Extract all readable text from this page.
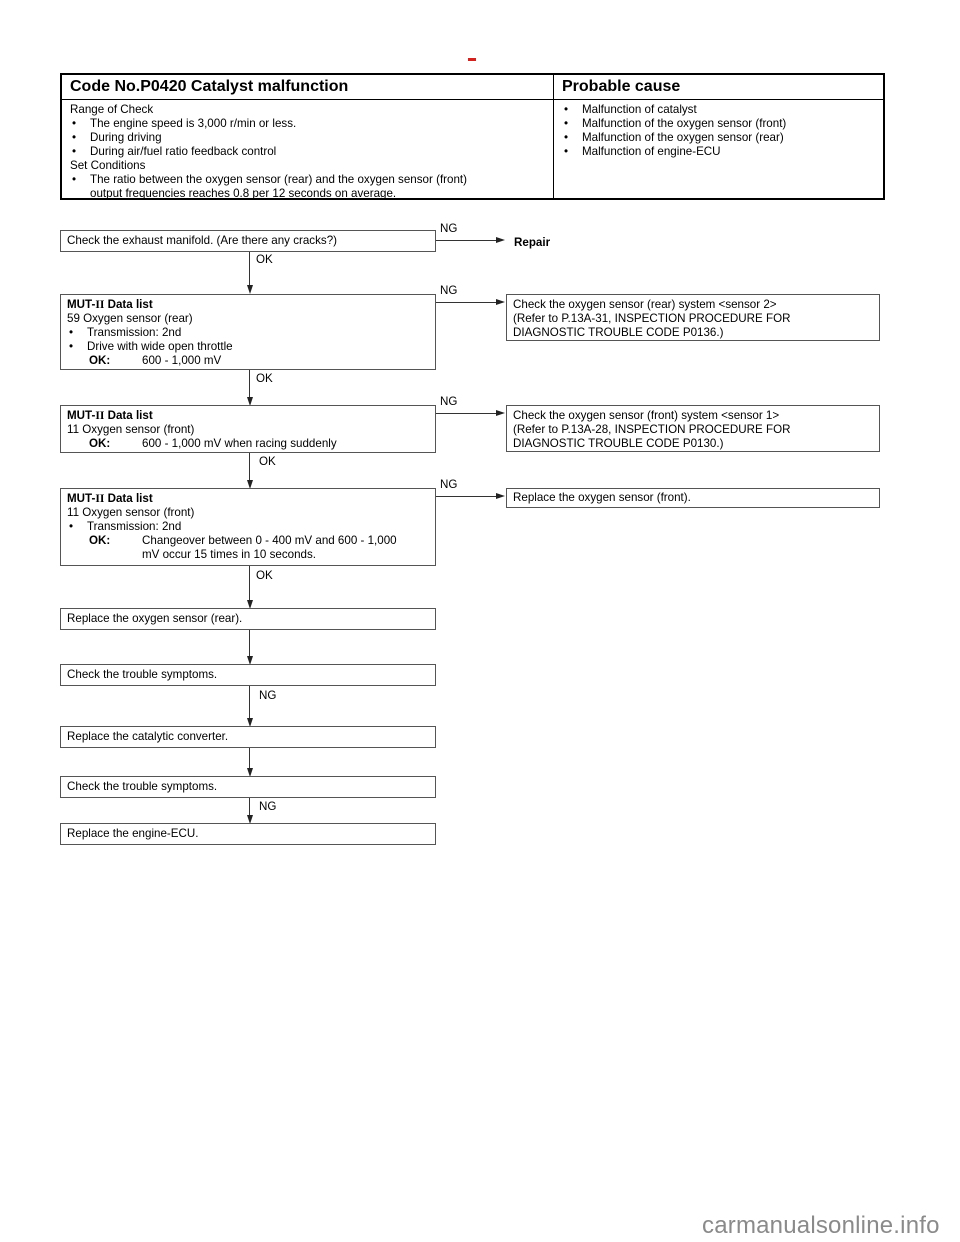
Code No.P0420 Catalyst malfunction
Range of Check
• The engine speed is 3,000 r/min or less.
• During driving
• During air/fuel ratio feedback control
Set Conditions
• The ratio between the oxygen sensor (rear) and the oxygen sensor (front)
output frequencies reaches 0.8 per 12 seconds on average.
Probable cause
• Malfunction of catalyst
• Malfunction of the oxygen sensor (front)
• Malfunction of the oxygen sensor (rear)
• Malfunction of engine-ECU
Check the exhaust manifold. (Are there any cracks?)
NG
Repair
OK
MUT-II Data list
59 Oxygen sensor (rear)
• Transmission: 2nd
• Drive with wide open throttle
OK:	600 - 1,000 mV
NG
Check the oxygen sensor (rear) system <sensor 2>
(Refer to P.13A-31, INSPECTION PROCEDURE FOR
DIAGNOSTIC TROUBLE CODE P0136.)
OK
MUT-II Data list
11 Oxygen sensor (front)
OK:	600 - 1,000 mV when racing suddenly
NG
Check the oxygen sensor (front) system <sensor 1>
(Refer to P.13A-28, INSPECTION PROCEDURE FOR
DIAGNOSTIC TROUBLE CODE P0130.)
OK
MUT-II Data list
11 Oxygen sensor (front)
• Transmission: 2nd
OK:	Changeover between 0 - 400 mV and 600 - 1,000
mV occur 15 times in 10 seconds.
NG
Replace the oxygen sensor (front).
OK
Replace the oxygen sensor (rear).
Check the trouble symptoms.
NG
Replace the catalytic converter.
Check the trouble symptoms.
NG
Replace the engine-ECU.
carmanualsonline.info
